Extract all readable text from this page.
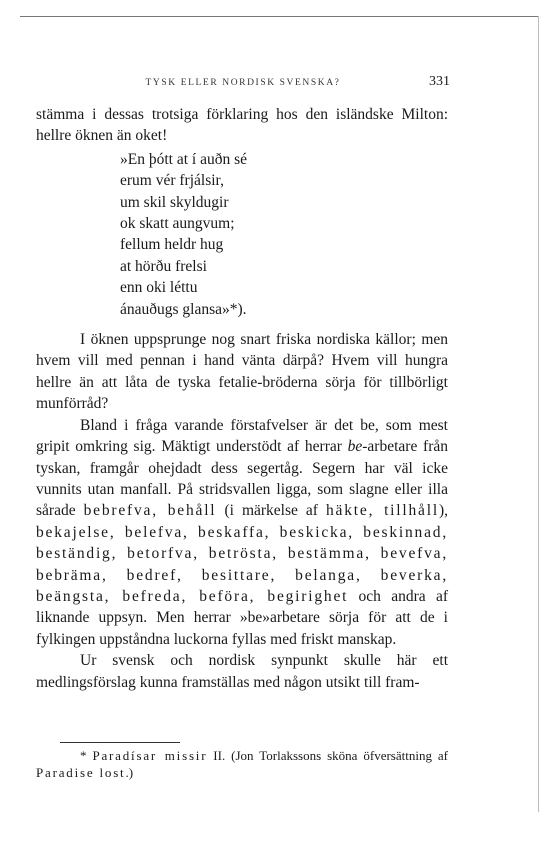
TYSK ELLER NORDISK SVENSKA?	331

stämma i dessas trotsiga förklaring hos den isländske Milton: hellre öknen än oket!

»En þótt at í auðn sé
erum vér frjálsir,
um skil skyldugir
ok skatt aungvum;
fellum heldr hug
at hörðu frelsi
enn oki léttu
ánauðugs glansa»*).

I öknen uppsprunge nog snart friska nordiska källor; men hvem vill med pennan i hand vänta därpå? Hvem vill hungra hellre än att låta de tyska fetalie-bröderna sörja för tillbörligt munförråd?

Bland i fråga varande förstafvelser är det be, som mest gripit omkring sig. Mäktigt understödt af herrar be-arbetare från tyskan, framgår ohejdadt dess segertåg. Segern har väl icke vunnits utan manfall. På stridsvallen ligga, som slagne eller illa sårade bebrefva, behåll (i märkelse af häkte, tillhåll), bekajelse, belefva, beskaffa, beskicka, beskinnad, beständig, betorfva, betrösta, bestämma, bevefva, bebräma, bedref, besittare, belanga, beverka, beängsta, befreda, beföra, begirighet och andra af liknande uppsyn. Men herrar »be»arbetare sörja för att de i fylkingen uppståndna luckorna fyllas med friskt manskap.

Ur svensk och nordisk synpunkt skulle här ett medlingsförslag kunna framställas med någon utsikt till fram-

* Paradísar missir II. (Jon Torlakssons sköna öfversättning af Paradise lost.)
